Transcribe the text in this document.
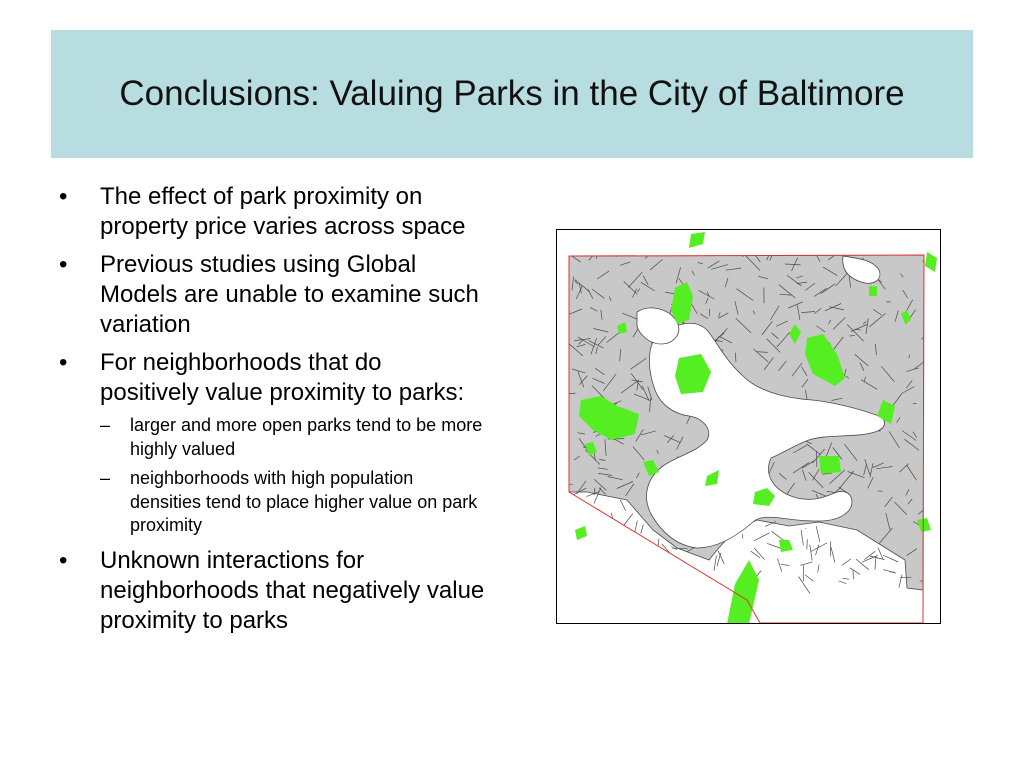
Conclusions: Valuing Parks in the City of Baltimore
• The effect of park proximity on property price varies across space
• Previous studies using Global Models are unable to examine such variation
• For neighborhoods that do positively value proximity to parks:
– larger and more open parks tend to be more highly valued
– neighborhoods with high population densities tend to place higher value on park proximity
• Unknown interactions for neighborhoods that negatively value proximity to parks
